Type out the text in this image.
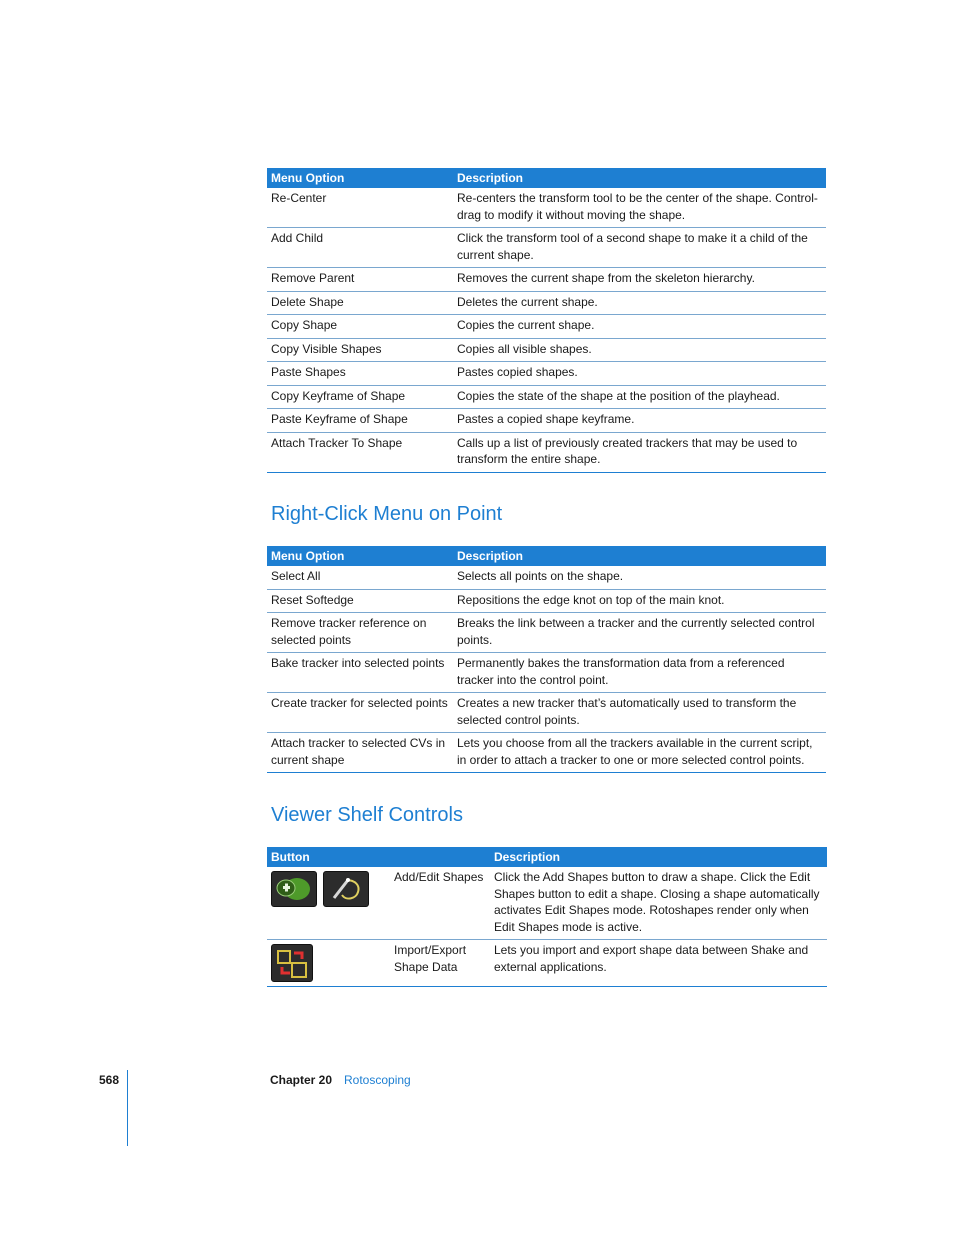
Menu Option	Description
Re-Center	Re-centers the transform tool to be the center of the shape. Control-drag to modify it without moving the shape.
Add Child	Click the transform tool of a second shape to make it a child of the current shape.
Remove Parent	Removes the current shape from the skeleton hierarchy.
Delete Shape	Deletes the current shape.
Copy Shape	Copies the current shape.
Copy Visible Shapes	Copies all visible shapes.
Paste Shapes	Pastes copied shapes.
Copy Keyframe of Shape	Copies the state of the shape at the position of the playhead.
Paste Keyframe of Shape	Pastes a copied shape keyframe.
Attach Tracker To Shape	Calls up a list of previously created trackers that may be used to transform the entire shape.
Right-Click Menu on Point
Menu Option	Description
Select All	Selects all points on the shape.
Reset Softedge	Repositions the edge knot on top of the main knot.
Remove tracker reference on selected points	Breaks the link between a tracker and the currently selected control points.
Bake tracker into selected points	Permanently bakes the transformation data from a referenced tracker into the control point.
Create tracker for selected points	Creates a new tracker that’s automatically used to transform the selected control points.
Attach tracker to selected CVs in current shape	Lets you choose from all the trackers available in the current script, in order to attach a tracker to one or more selected control points.
Viewer Shelf Controls
Button		Description

	Add/Edit Shapes	Click the Add Shapes button to draw a shape. Click the Edit Shapes button to edit a shape. Closing a shape automatically activates Edit Shapes mode. Rotoshapes render only when Edit Shapes mode is active.

	Import/Export Shape Data	Lets you import and export shape data between Shake and external applications.
568	Chapter 20 Rotoscoping
